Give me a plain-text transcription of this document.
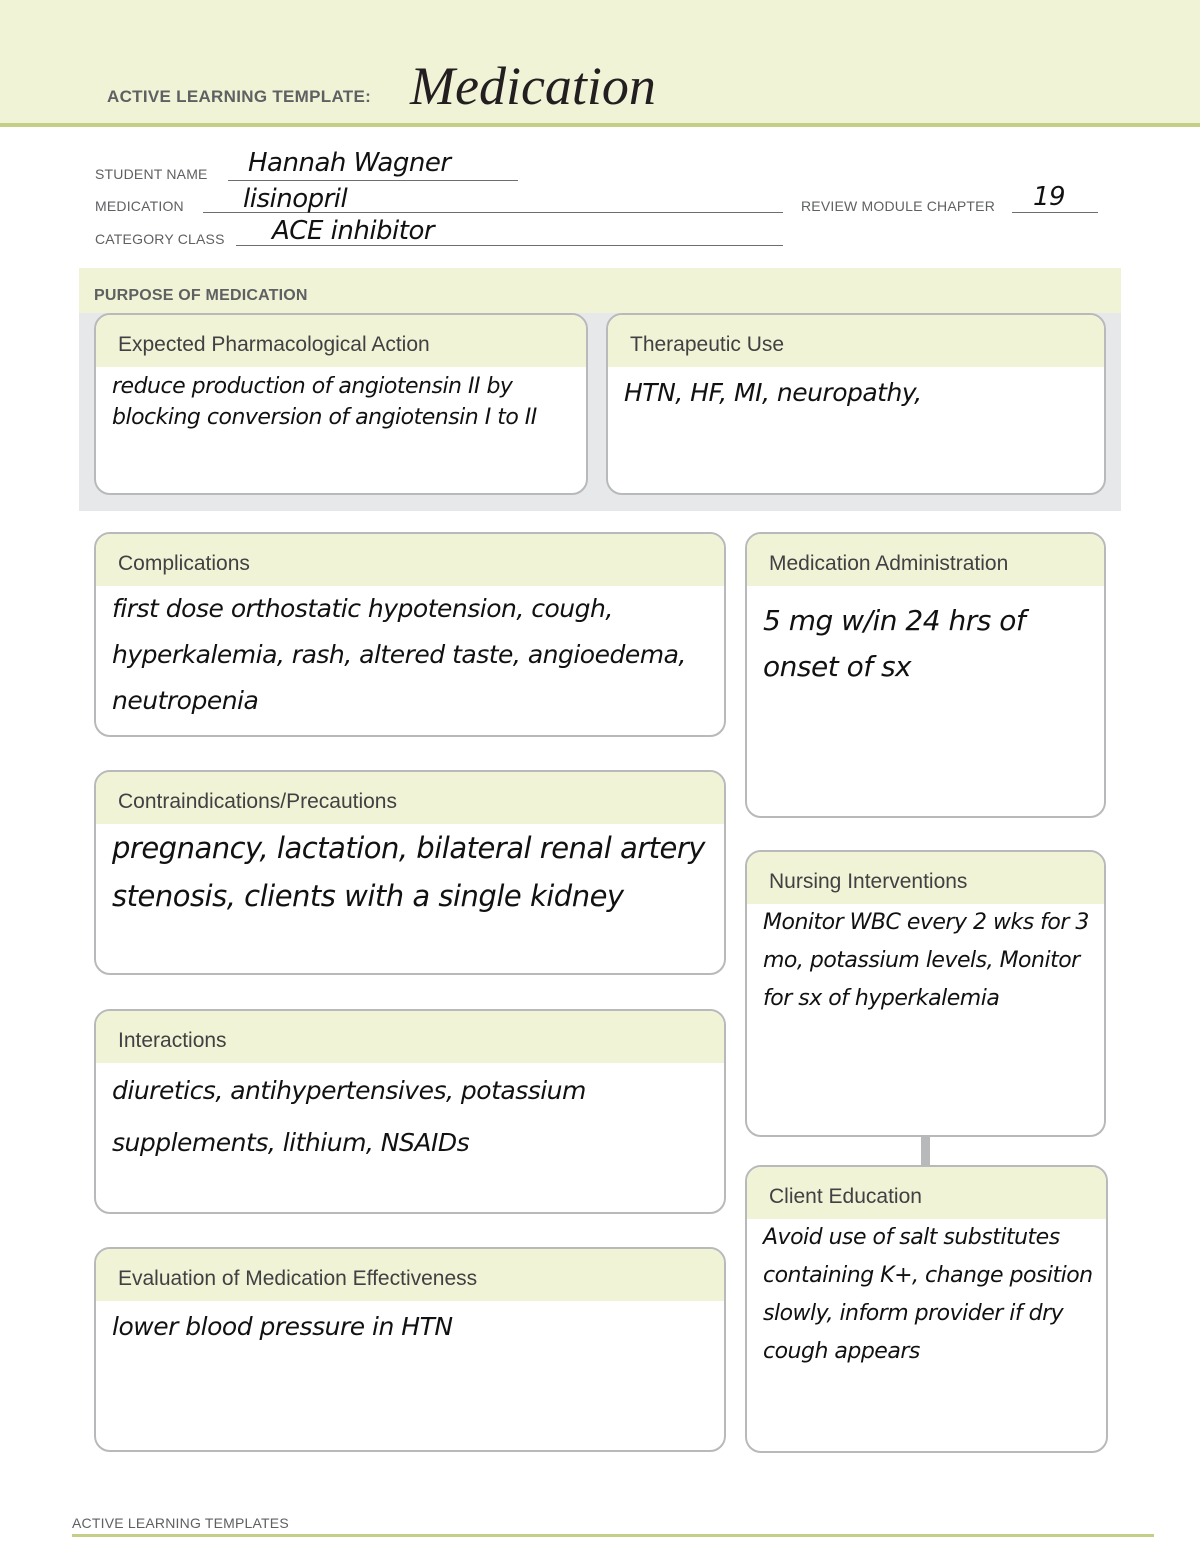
ACTIVE LEARNING TEMPLATE: Medication
STUDENT NAME Hannah Wagner
MEDICATION lisinopril	REVIEW MODULE CHAPTER 19
CATEGORY CLASS ACE inhibitor
PURPOSE OF MEDICATION
Expected Pharmacological Action
reduce production of angiotensin II by blocking conversion of angiotensin I to II
Therapeutic Use
HTN, HF, MI, neuropathy,
Complications
first dose orthostatic hypotension, cough, hyperkalemia, rash, altered taste, angioedema, neutropenia
Contraindications/Precautions
pregnancy, lactation, bilateral renal artery stenosis, clients with a single kidney
Interactions
diuretics, antihypertensives, potassium supplements, lithium, NSAIDs
Evaluation of Medication Effectiveness
lower blood pressure in HTN
Medication Administration
5 mg w/in 24 hrs of onset of sx
Nursing Interventions
Monitor WBC every 2 wks for 3 mo, potassium levels, Monitor for sx of hyperkalemia
Client Education
Avoid use of salt substitutes containing K+, change position slowly, inform provider if dry cough appears
ACTIVE LEARNING TEMPLATES
